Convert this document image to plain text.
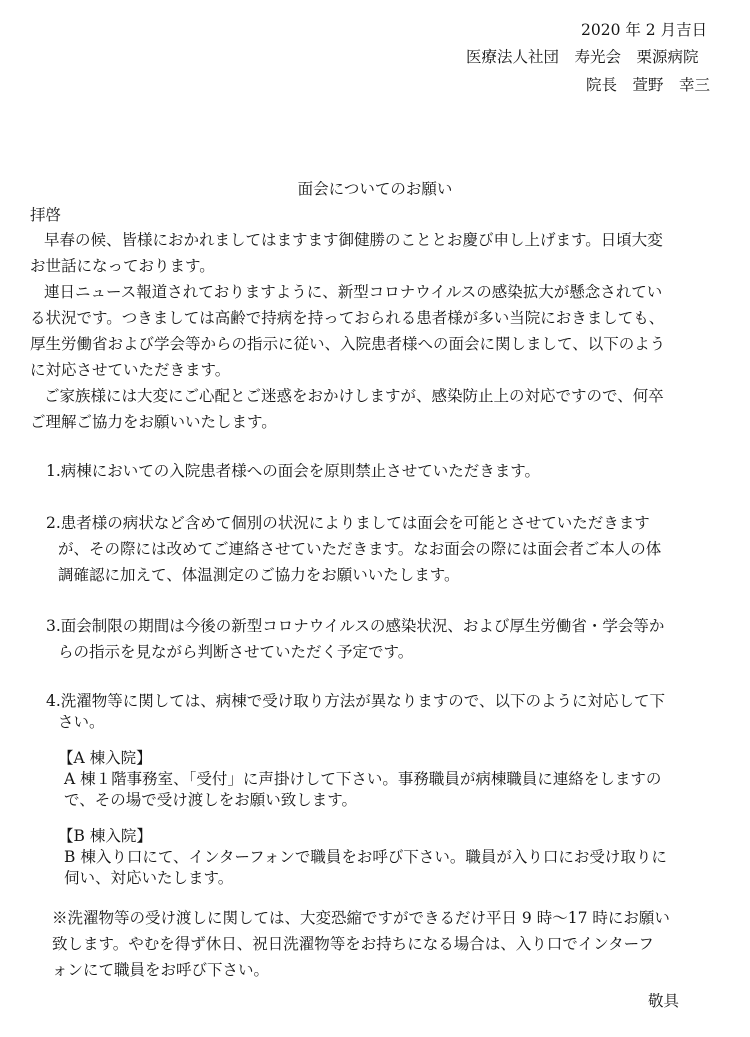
2020 年 2 月吉日
医療法人社団　寿光会　栗源病院
院長　萱野　幸三
面会についてのお願い
拝啓
早春の候、皆様におかれましてはますます御健勝のこととお慶び申し上げます。日頃大変
お世話になっております。
連日ニュース報道されておりますように、新型コロナウイルスの感染拡大が懸念されてい
る状況です。つきましては高齢で持病を持っておられる患者様が多い当院におきましても、
厚生労働省および学会等からの指示に従い、入院患者様への面会に関しまして、以下のよう
に対応させていただきます。
ご家族様には大変にご心配とご迷惑をおかけしますが、感染防止上の対応ですので、何卒
ご理解ご協力をお願いいたします。
1.病棟においての入院患者様への面会を原則禁止させていただきます。
2.患者様の病状など含めて個別の状況によりましては面会を可能とさせていただきます
が、その際には改めてご連絡させていただきます。なお面会の際には面会者ご本人の体
調確認に加えて、体温測定のご協力をお願いいたします。
3.面会制限の期間は今後の新型コロナウイルスの感染状況、および厚生労働省・学会等か
らの指示を見ながら判断させていただく予定です。
4.洗濯物等に関しては、病棟で受け取り方法が異なりますので、以下のように対応して下
さい。
【A 棟入院】
A 棟１階事務室、「受付」に声掛けして下さい。事務職員が病棟職員に連絡をしますの
で、その場で受け渡しをお願い致します。
【B 棟入院】
B 棟入り口にて、インターフォンで職員をお呼び下さい。職員が入り口にお受け取りに
伺い、対応いたします。
※洗濯物等の受け渡しに関しては、大変恐縮ですができるだけ平日 9 時～17 時にお願い
致します。やむを得ず休日、祝日洗濯物等をお持ちになる場合は、入り口でインターフ
ォンにて職員をお呼び下さい。
敬具
